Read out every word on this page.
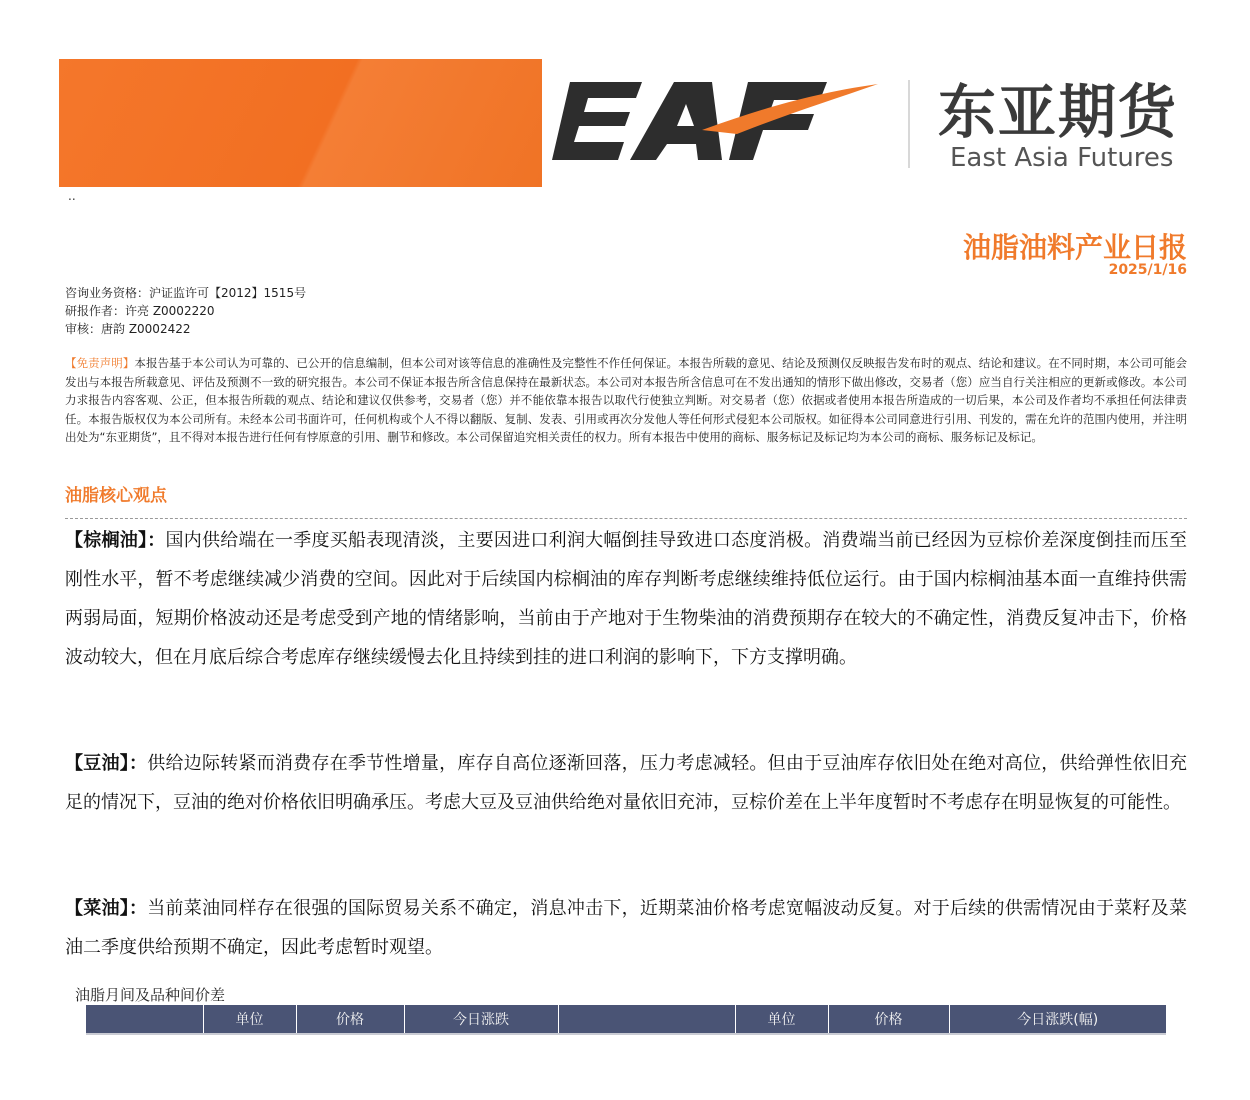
东亚期货
East Asia Futures
..
油脂油料产业日报
2025/1/16
咨询业务资格：沪证监许可【2012】1515号
研报作者：许亮 Z0002220
审核：唐韵 Z0002422
【免责声明】本报告基于本公司认为可靠的、已公开的信息编制，但本公司对该等信息的准确性及完整性不作任何保证。本报告所载的意见、结论及预测仅反映报告发布时的观点、结论和建议。在不同时期，本公司可能会发出与本报告所载意见、评估及预测不一致的研究报告。本公司不保证本报告所含信息保持在最新状态。本公司对本报告所含信息可在不发出通知的情形下做出修改，交易者（您）应当自行关注相应的更新或修改。本公司力求报告内容客观、公正，但本报告所载的观点、结论和建议仅供参考，交易者（您）并不能依靠本报告以取代行使独立判断。对交易者（您）依据或者使用本报告所造成的一切后果，本公司及作者均不承担任何法律责任。本报告版权仅为本公司所有。未经本公司书面许可，任何机构或个人不得以翻版、复制、发表、引用或再次分发他人等任何形式侵犯本公司版权。如征得本公司同意进行引用、刊发的，需在允许的范围内使用，并注明出处为“东亚期货”，且不得对本报告进行任何有悖原意的引用、删节和修改。本公司保留追究相关责任的权力。所有本报告中使用的商标、服务标记及标记均为本公司的商标、服务标记及标记。
油脂核心观点
【棕榈油】：国内供给端在一季度买船表现清淡，主要因进口利润大幅倒挂导致进口态度消极。消费端当前已经因为豆棕价差深度倒挂而压至刚性水平，暂不考虑继续减少消费的空间。因此对于后续国内棕榈油的库存判断考虑继续维持低位运行。由于国内棕榈油基本面一直维持供需两弱局面，短期价格波动还是考虑受到产地的情绪影响，当前由于产地对于生物柴油的消费预期存在较大的不确定性，消费反复冲击下，价格波动较大，但在月底后综合考虑库存继续缓慢去化且持续到挂的进口利润的影响下，下方支撑明确。
【豆油】：供给边际转紧而消费存在季节性增量，库存自高位逐渐回落，压力考虑减轻。但由于豆油库存依旧处在绝对高位，供给弹性依旧充足的情况下，豆油的绝对价格依旧明确承压。考虑大豆及豆油供给绝对量依旧充沛，豆棕价差在上半年度暂时不考虑存在明显恢复的可能性。
【菜油】：当前菜油同样存在很强的国际贸易关系不确定，消息冲击下，近期菜油价格考虑宽幅波动反复。对于后续的供需情况由于菜籽及菜油二季度供给预期不确定，因此考虑暂时观望。
油脂月间及品种间价差
	单位	价格	今日涨跌		单位	价格	今日涨跌(幅)
